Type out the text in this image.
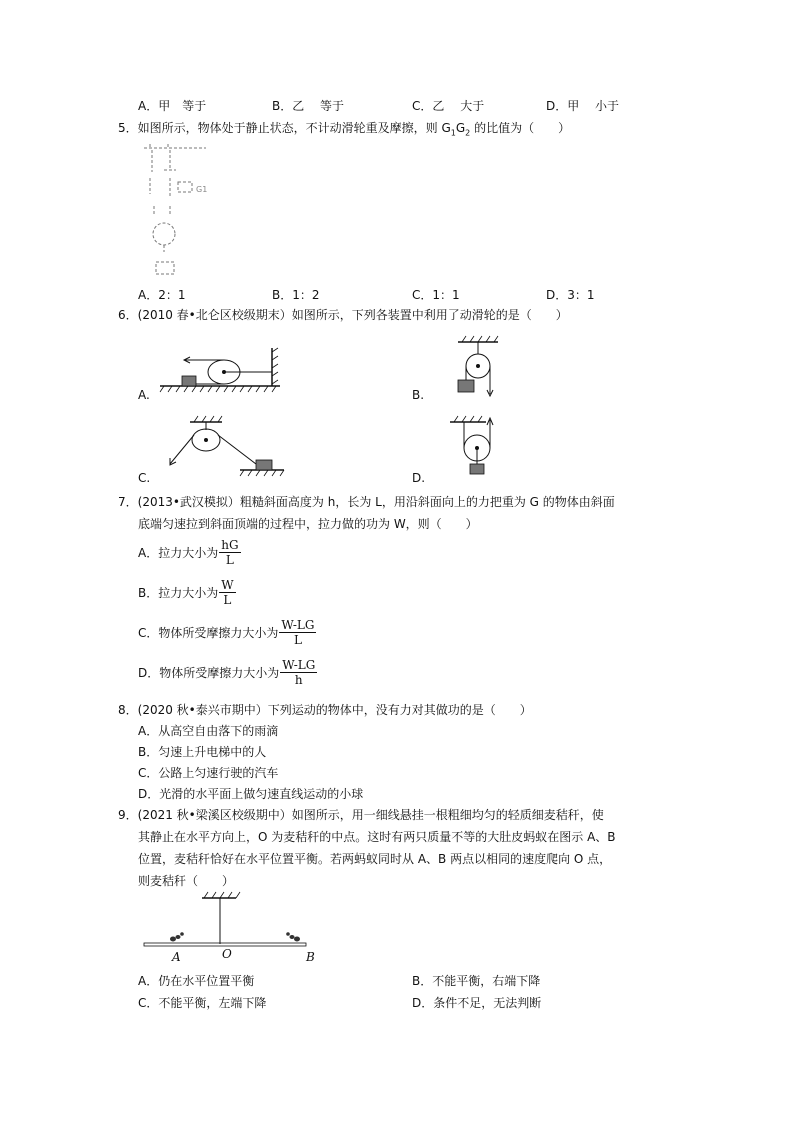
A．甲　等于	B．乙　 等于	C．乙　 大于	D．甲　 小于
5．如图所示，物体处于静止状态，不计动滑轮重及摩擦，则 $G_1G_2$ 的比值为（　　）
G1
A．2：1	B．1：2	C．1：1	D．3：1
6．(2010 春•北仑区校级期末）如图所示，下列各装置中利用了动滑轮的是（　　）
A.	B.
C.	D.
7．(2013•武汉模拟）粗糙斜面高度为 h，长为 L，用沿斜面向上的力把重为 G 的物体由斜面
底端匀速拉到斜面顶端的过程中，拉力做的功为 W，则（　　）
A．拉力大小为 $\frac{hG}{L}$
B．拉力大小为 $\frac{W}{L}$
C．物体所受摩擦力大小为 $\frac{W-LG}{L}$
D．物体所受摩擦力大小为 $\frac{W-LG}{h}$
8．(2020 秋•泰兴市期中）下列运动的物体中，没有力对其做功的是（　　）
A．从高空自由落下的雨滴
B．匀速上升电梯中的人
C．公路上匀速行驶的汽车
D．光滑的水平面上做匀速直线运动的小球
9．(2021 秋•梁溪区校级期中）如图所示，用一细线悬挂一根粗细均匀的轻质细麦秸秆，使
其静止在水平方向上，O 为麦秸秆的中点。这时有两只质量不等的大肚皮蚂蚁在图示 A、B
位置，麦秸秆恰好在水平位置平衡。若两蚂蚁同时从 A、B 两点以相同的速度爬向 O 点，
则麦秸秆（　　）
A	O	B
A．仍在水平位置平衡	B．不能平衡，右端下降
C．不能平衡，左端下降	D．条件不足，无法判断
